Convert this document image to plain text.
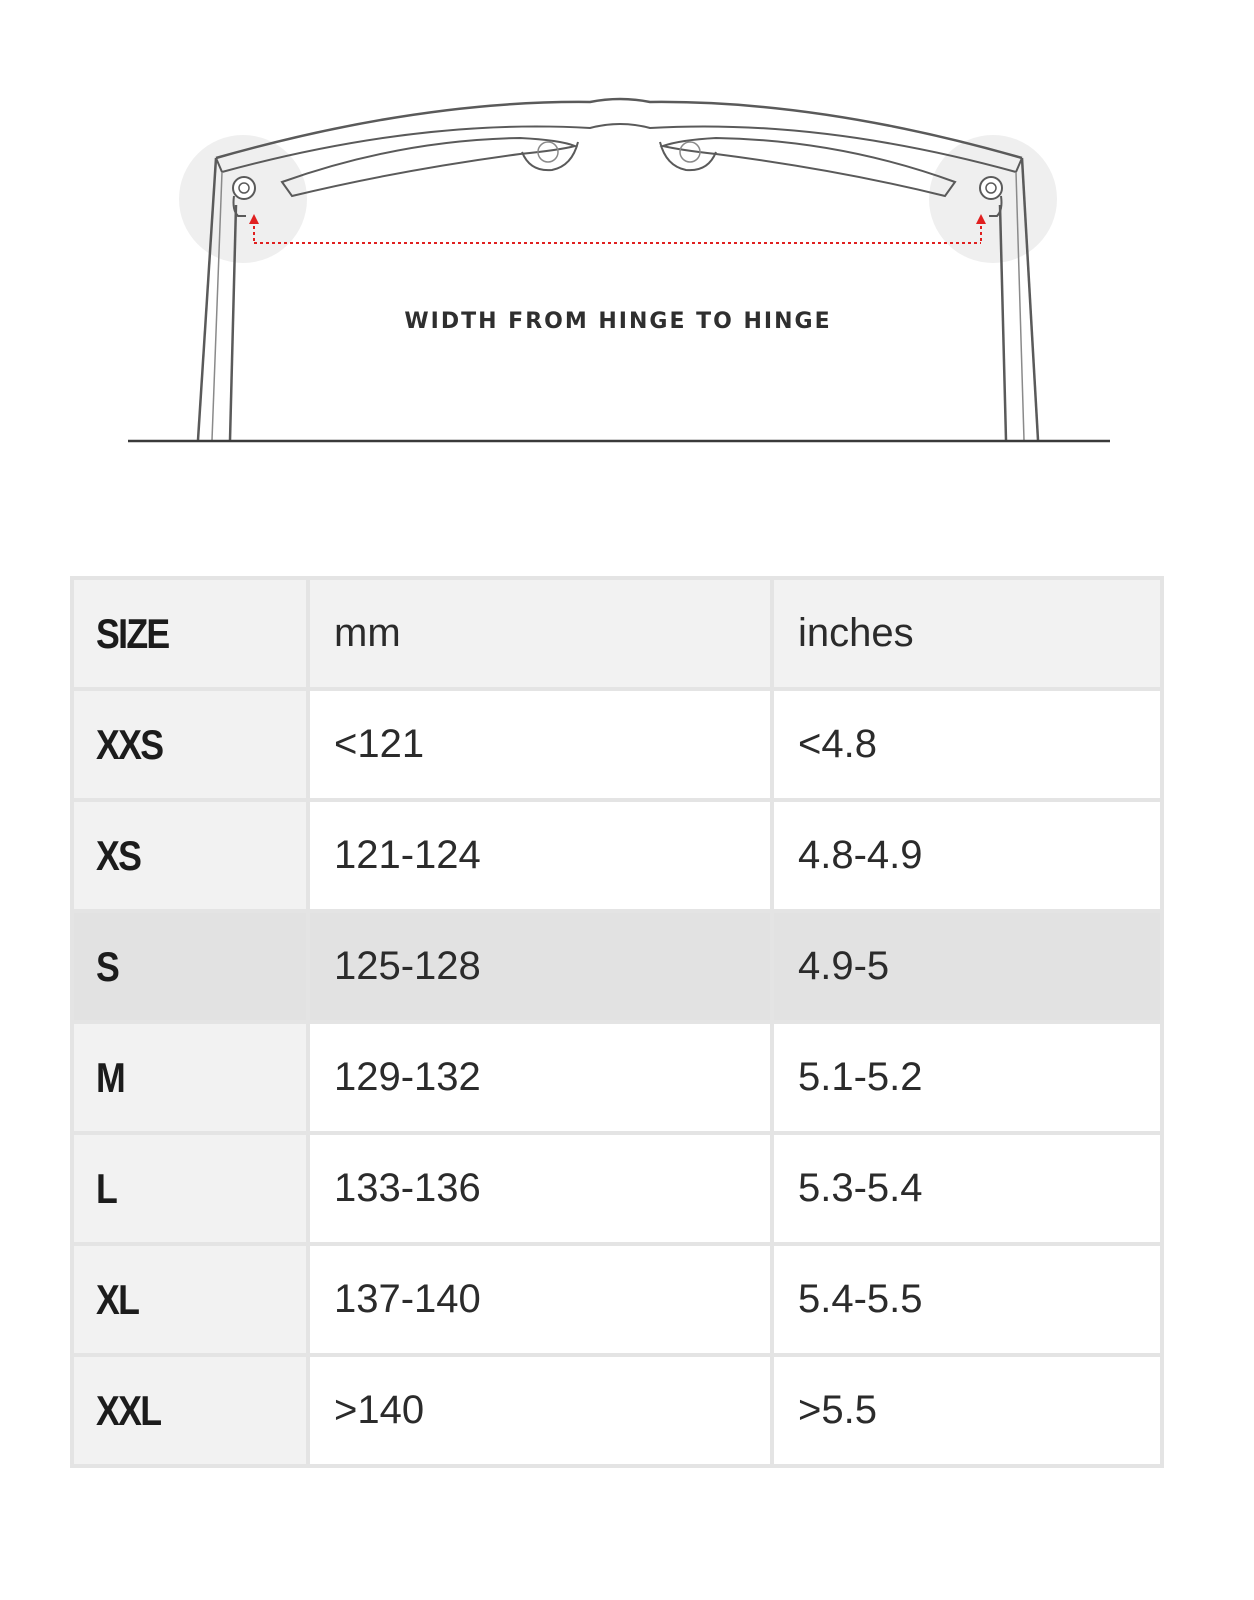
WIDTH FROM HINGE TO HINGE
SIZE	mm	inches
XXS	<121	<4.8
XS	121-124	4.8-4.9
S	125-128	4.9-5
M	129-132	5.1-5.2
L	133-136	5.3-5.4
XL	137-140	5.4-5.5
XXL	>140	>5.5
